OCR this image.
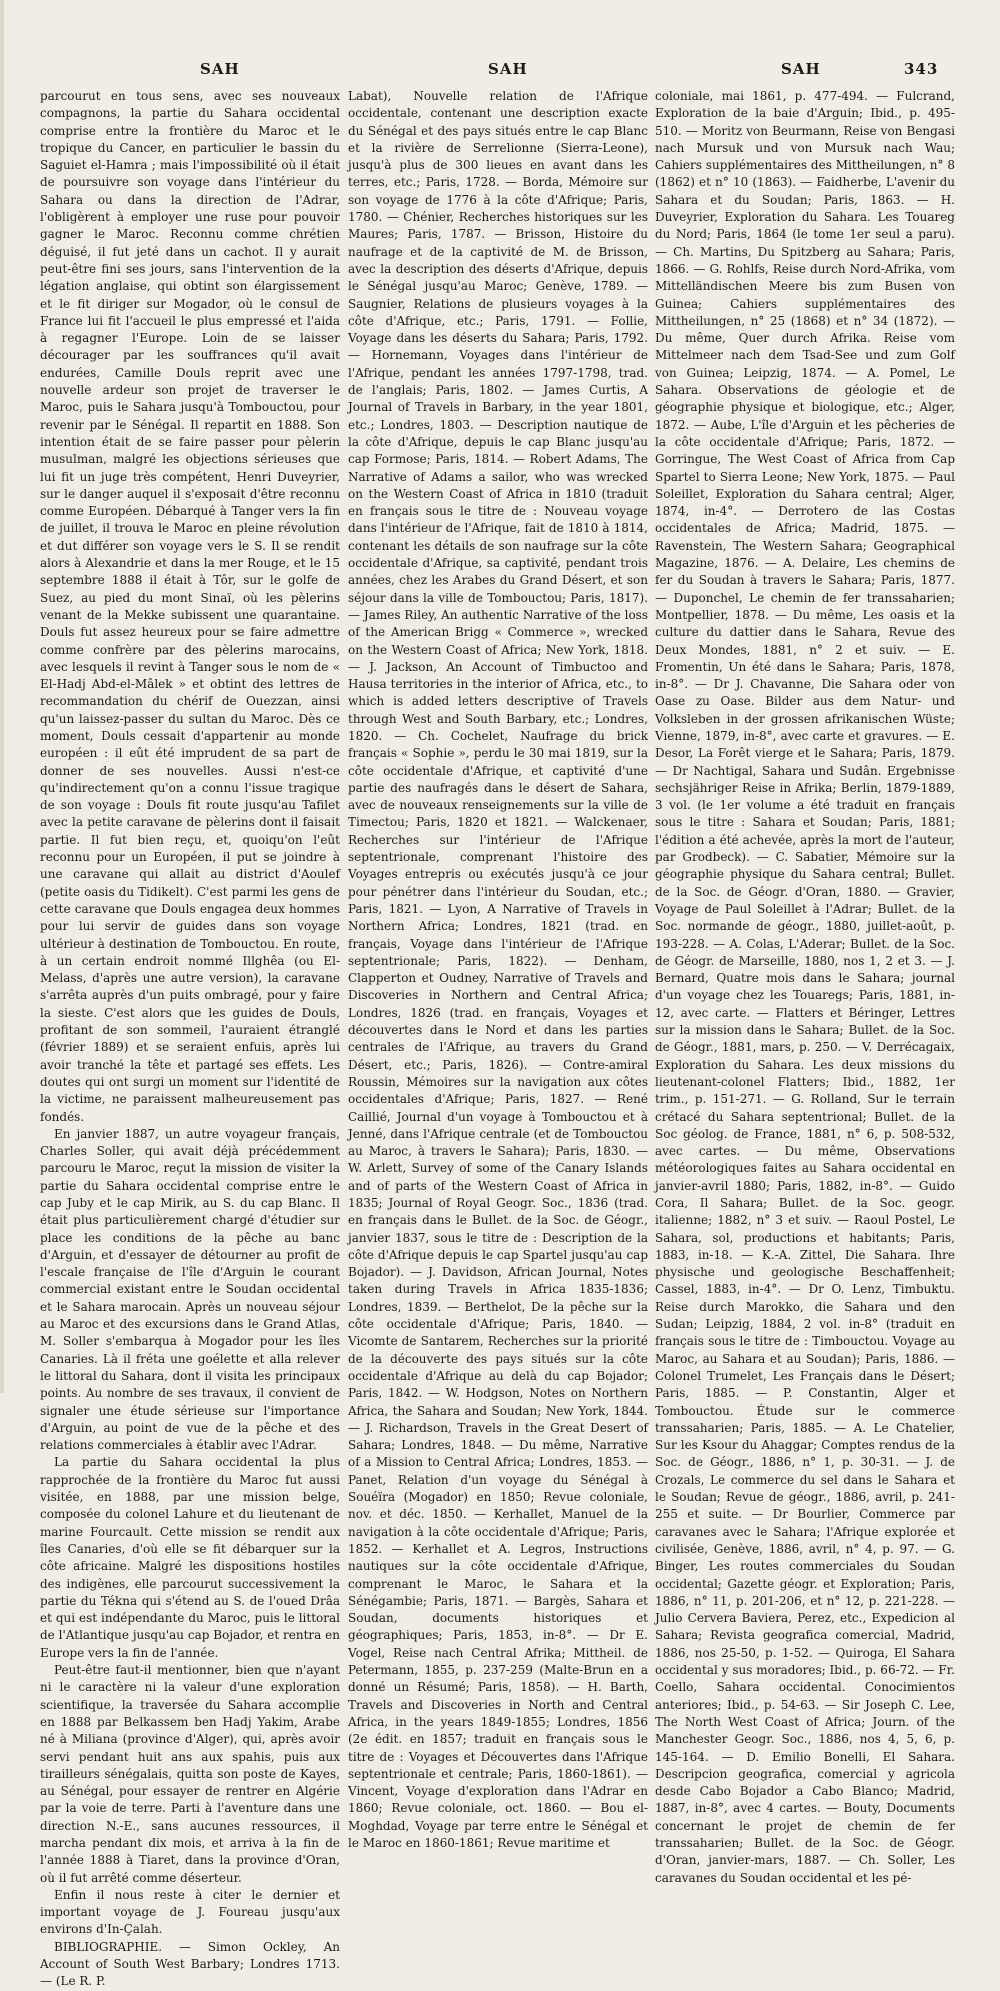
SAH	SAH	SAH	343

parcourut en tous sens, avec ses nouveaux compagnons, la partie du Sahara occidental comprise entre la frontière du Maroc et le tropique du Cancer, en particulier le bassin du Saguiet el-Hamra ; mais l'impossibilité où il était de poursuivre son voyage dans l'intérieur du Sahara ou dans la direction de l'Adrar, l'obligèrent à employer une ruse pour pouvoir gagner le Maroc. Reconnu comme chrétien déguisé, il fut jeté dans un cachot. Il y aurait peut-être fini ses jours, sans l'intervention de la légation anglaise, qui obtint son élargissement et le fit diriger sur Mogador, où le consul de France lui fit l'accueil le plus empressé et l'aida à regagner l'Europe. Loin de se laisser décourager par les souffrances qu'il avait endurées, Camille Douls reprit avec une nouvelle ardeur son projet de traverser le Maroc, puis le Sahara jusqu'à Tombouctou, pour revenir par le Sénégal. Il repartit en 1888. Son intention était de se faire passer pour pèlerin musulman, malgré les objections sérieuses que lui fit un juge très compétent, Henri Duveyrier, sur le danger auquel il s'exposait d'être reconnu comme Européen. Débarqué à Tanger vers la fin de juillet, il trouva le Maroc en pleine révolution et dut différer son voyage vers le S. Il se rendit alors à Alexandrie et dans la mer Rouge, et le 15 septembre 1888 il était à Tôr, sur le golfe de Suez, au pied du mont Sinaï, où les pèlerins venant de la Mekke subissent une quarantaine. Douls fut assez heureux pour se faire admettre comme confrère par des pèlerins marocains, avec lesquels il revint à Tanger sous le nom de « El-Hadj Abd-el-Mâlek » et obtint des lettres de recommandation du chérif de Ouezzan, ainsi qu'un laissez-passer du sultan du Maroc. Dès ce moment, Douls cessait d'appartenir au monde européen : il eût été imprudent de sa part de donner de ses nouvelles. Aussi n'est-ce qu'indirectement qu'on a connu l'issue tragique de son voyage : Douls fit route jusqu'au Tafilet avec la petite caravane de pèlerins dont il faisait partie. Il fut bien reçu, et, quoiqu'on l'eût reconnu pour un Européen, il put se joindre à une caravane qui allait au district d'Aoulef (petite oasis du Tidikelt). C'est parmi les gens de cette caravane que Douls engagea deux hommes pour lui servir de guides dans son voyage ultérieur à destination de Tombouctou. En route, à un certain endroit nommé Illghêa (ou El-Melass, d'après une autre version), la caravane s'arrêta auprès d'un puits ombragé, pour y faire la sieste. C'est alors que les guides de Douls, profitant de son sommeil, l'auraient étranglé (février 1889) et se seraient enfuis, après lui avoir tranché la tête et partagé ses effets. Les doutes qui ont surgi un moment sur l'identité de la victime, ne paraissent malheureusement pas fondés.
En janvier 1887, un autre voyageur français, Charles Soller, qui avait déjà précédemment parcouru le Maroc, reçut la mission de visiter la partie du Sahara occidental comprise entre le cap Juby et le cap Mirik, au S. du cap Blanc. Il était plus particulièrement chargé d'étudier sur place les conditions de la pêche au banc d'Arguin, et d'essayer de détourner au profit de l'escale française de l'île d'Arguin le courant commercial existant entre le Soudan occidental et le Sahara marocain. Après un nouveau séjour au Maroc et des excursions dans le Grand Atlas, M. Soller s'embarqua à Mogador pour les îles Canaries. Là il fréta une goélette et alla relever le littoral du Sahara, dont il visita les principaux points. Au nombre de ses travaux, il convient de signaler une étude sérieuse sur l'importance d'Arguin, au point de vue de la pêche et des relations commerciales à établir avec l'Adrar.
La partie du Sahara occidental la plus rapprochée de la frontière du Maroc fut aussi visitée, en 1888, par une mission belge, composée du colonel Lahure et du lieutenant de marine Fourcault. Cette mission se rendit aux îles Canaries, d'où elle se fit débarquer sur la côte africaine. Malgré les dispositions hostiles des indigènes, elle parcourut successivement la partie du Tékna qui s'étend au S. de l'oued Drâa et qui est indépendante du Maroc, puis le littoral de l'Atlantique jusqu'au cap Bojador, et rentra en Europe vers la fin de l'année.
Peut-être faut-il mentionner, bien que n'ayant ni le caractère ni la valeur d'une exploration scientifique, la traversée du Sahara accomplie en 1888 par Belkassem ben Hadj Yakim, Arabe né à Miliana (province d'Alger), qui, après avoir servi pendant huit ans aux spahis, puis aux tirailleurs sénégalais, quitta son poste de Kayes, au Sénégal, pour essayer de rentrer en Algérie par la voie de terre. Parti à l'aventure dans une direction N.-E., sans aucunes ressources, il marcha pendant dix mois, et arriva à la fin de l'année 1888 à Tiaret, dans la province d'Oran, où il fut arrêté comme déserteur.
Enfin il nous reste à citer le dernier et important voyage de J. Foureau jusqu'aux environs d'In-Çalah.
BIBLIOGRAPHIE. — Simon Ockley, An Account of South West Barbary; Londres 1713. — (Le R. P.

Labat), Nouvelle relation de l'Afrique occidentale, contenant une description exacte du Sénégal et des pays situés entre le cap Blanc et la rivière de Serrelionne (Sierra-Leone), jusqu'à plus de 300 lieues en avant dans les terres, etc.; Paris, 1728. — Borda, Mémoire sur son voyage de 1776 à la côte d'Afrique; Paris, 1780. — Chénier, Recherches historiques sur les Maures; Paris, 1787. — Brisson, Histoire du naufrage et de la captivité de M. de Brisson, avec la description des déserts d'Afrique, depuis le Sénégal jusqu'au Maroc; Genève, 1789. — Saugnier, Relations de plusieurs voyages à la côte d'Afrique, etc.; Paris, 1791. — Follie, Voyage dans les déserts du Sahara; Paris, 1792. — Hornemann, Voyages dans l'intérieur de l'Afrique, pendant les années 1797-1798, trad. de l'anglais; Paris, 1802. — James Curtis, A Journal of Travels in Barbary, in the year 1801, etc.; Londres, 1803. — Description nautique de la côte d'Afrique, depuis le cap Blanc jusqu'au cap Formose; Paris, 1814. — Robert Adams, The Narrative of Adams a sailor, who was wrecked on the Western Coast of Africa in 1810 (traduit en français sous le titre de : Nouveau voyage dans l'intérieur de l'Afrique, fait de 1810 à 1814, contenant les détails de son naufrage sur la côte occidentale d'Afrique, sa captivité, pendant trois années, chez les Arabes du Grand Désert, et son séjour dans la ville de Tombouctou; Paris, 1817). — James Riley, An authentic Narrative of the loss of the American Brigg « Commerce », wrecked on the Western Coast of Africa; New York, 1818. — J. Jackson, An Account of Timbuctoo and Hausa territories in the interior of Africa, etc., to which is added letters descriptive of Travels through West and South Barbary, etc.; Londres, 1820. — Ch. Cochelet, Naufrage du brick français « Sophie », perdu le 30 mai 1819, sur la côte occidentale d'Afrique, et captivité d'une partie des naufragés dans le désert de Sahara, avec de nouveaux renseignements sur la ville de Timectou; Paris, 1820 et 1821. — Walckenaer, Recherches sur l'intérieur de l'Afrique septentrionale, comprenant l'histoire des Voyages entrepris ou exécutés jusqu'à ce jour pour pénétrer dans l'intérieur du Soudan, etc.; Paris, 1821. — Lyon, A Narrative of Travels in Northern Africa; Londres, 1821 (trad. en français, Voyage dans l'intérieur de l'Afrique septentrionale; Paris, 1822). — Denham, Clapperton et Oudney, Narrative of Travels and Discoveries in Northern and Central Africa; Londres, 1826 (trad. en français, Voyages et découvertes dans le Nord et dans les parties centrales de l'Afrique, au travers du Grand Désert, etc.; Paris, 1826). — Contre-amiral Roussin, Mémoires sur la navigation aux côtes occidentales d'Afrique; Paris, 1827. — René Caillié, Journal d'un voyage à Tombouctou et à Jenné, dans l'Afrique centrale (et de Tombouctou au Maroc, à travers le Sahara); Paris, 1830. — W. Arlett, Survey of some of the Canary Islands and of parts of the Western Coast of Africa in 1835; Journal of Royal Geogr. Soc., 1836 (trad. en français dans le Bullet. de la Soc. de Géogr., janvier 1837, sous le titre de : Description de la côte d'Afrique depuis le cap Spartel jusqu'au cap Bojador). — J. Davidson, African Journal, Notes taken during Travels in Africa 1835-1836; Londres, 1839. — Berthelot, De la pêche sur la côte occidentale d'Afrique; Paris, 1840. — Vicomte de Santarem, Recherches sur la priorité de la découverte des pays situés sur la côte occidentale d'Afrique au delà du cap Bojador; Paris, 1842. — W. Hodgson, Notes on Northern Africa, the Sahara and Soudan; New York, 1844. — J. Richardson, Travels in the Great Desert of Sahara; Londres, 1848. — Du même, Narrative of a Mission to Central Africa; Londres, 1853. — Panet, Relation d'un voyage du Sénégal à Souéïra (Mogador) en 1850; Revue coloniale, nov. et déc. 1850. — Kerhallet, Manuel de la navigation à la côte occidentale d'Afrique; Paris, 1852. — Kerhallet et A. Legros, Instructions nautiques sur la côte occidentale d'Afrique, comprenant le Maroc, le Sahara et la Sénégambie; Paris, 1871. — Bargès, Sahara et Soudan, documents historiques et géographiques; Paris, 1853, in-8°. — Dr E. Vogel, Reise nach Central Afrika; Mittheil. de Petermann, 1855, p. 237-259 (Malte-Brun en a donné un Résumé; Paris, 1858). — H. Barth, Travels and Discoveries in North and Central Africa, in the years 1849-1855; Londres, 1856 (2e édit. en 1857; traduit en français sous le titre de : Voyages et Découvertes dans l'Afrique septentrionale et centrale; Paris, 1860-1861). — Vincent, Voyage d'exploration dans l'Adrar en 1860; Revue coloniale, oct. 1860. — Bou el-Moghdad, Voyage par terre entre le Sénégal et le Maroc en 1860-1861; Revue maritime et

coloniale, mai 1861, p. 477-494. — Fulcrand, Exploration de la baie d'Arguin; Ibid., p. 495-510. — Moritz von Beurmann, Reise von Bengasi nach Mursuk und von Mursuk nach Wau; Cahiers supplémentaires des Mittheilungen, n° 8 (1862) et n° 10 (1863). — Faidherbe, L'avenir du Sahara et du Soudan; Paris, 1863. — H. Duveyrier, Exploration du Sahara. Les Touareg du Nord; Paris, 1864 (le tome 1er seul a paru). — Ch. Martins, Du Spitzberg au Sahara; Paris, 1866. — G. Rohlfs, Reise durch Nord-Afrika, vom Mittelländischen Meere bis zum Busen von Guinea; Cahiers supplémentaires des Mittheilungen, n° 25 (1868) et n° 34 (1872). — Du même, Quer durch Afrika. Reise vom Mittelmeer nach dem Tsad-See und zum Golf von Guinea; Leipzig, 1874. — A. Pomel, Le Sahara. Observations de géologie et de géographie physique et biologique, etc.; Alger, 1872. — Aube, L'île d'Arguin et les pêcheries de la côte occidentale d'Afrique; Paris, 1872. — Gorringue, The West Coast of Africa from Cap Spartel to Sierra Leone; New York, 1875. — Paul Soleillet, Exploration du Sahara central; Alger, 1874, in-4°. — Derrotero de las Costas occidentales de Africa; Madrid, 1875. — Ravenstein, The Western Sahara; Geographical Magazine, 1876. — A. Delaire, Les chemins de fer du Soudan à travers le Sahara; Paris, 1877. — Duponchel, Le chemin de fer transsaharien; Montpellier, 1878. — Du même, Les oasis et la culture du dattier dans le Sahara, Revue des Deux Mondes, 1881, n° 2 et suiv. — E. Fromentin, Un été dans le Sahara; Paris, 1878, in-8°. — Dr J. Chavanne, Die Sahara oder von Oase zu Oase. Bilder aus dem Natur- und Volksleben in der grossen afrikanischen Wüste; Vienne, 1879, in-8°, avec carte et gravures. — E. Desor, La Forêt vierge et le Sahara; Paris, 1879. — Dr Nachtigal, Sahara und Sudân. Ergebnisse sechsjähriger Reise in Afrika; Berlin, 1879-1889, 3 vol. (le 1er volume a été traduit en français sous le titre : Sahara et Soudan; Paris, 1881; l'édition a été achevée, après la mort de l'auteur, par Grodbeck). — C. Sabatier, Mémoire sur la géographie physique du Sahara central; Bullet. de la Soc. de Géogr. d'Oran, 1880. — Gravier, Voyage de Paul Soleillet à l'Adrar; Bullet. de la Soc. normande de géogr., 1880, juillet-août, p. 193-228. — A. Colas, L'Aderar; Bullet. de la Soc. de Géogr. de Marseille, 1880, nos 1, 2 et 3. — J. Bernard, Quatre mois dans le Sahara; journal d'un voyage chez les Touaregs; Paris, 1881, in-12, avec carte. — Flatters et Béringer, Lettres sur la mission dans le Sahara; Bullet. de la Soc. de Géogr., 1881, mars, p. 250. — V. Derrécagaix, Exploration du Sahara. Les deux missions du lieutenant-colonel Flatters; Ibid., 1882, 1er trim., p. 151-271. — G. Rolland, Sur le terrain crétacé du Sahara septentrional; Bullet. de la Soc géolog. de France, 1881, n° 6, p. 508-532, avec cartes. — Du même, Observations météorologiques faites au Sahara occidental en janvier-avril 1880; Paris, 1882, in-8°. — Guido Cora, Il Sahara; Bullet. de la Soc. geogr. italienne; 1882, n° 3 et suiv. — Raoul Postel, Le Sahara, sol, productions et habitants; Paris, 1883, in-18. — K.-A. Zittel, Die Sahara. Ihre physische und geologische Beschaffenheit; Cassel, 1883, in-4°. — Dr O. Lenz, Timbuktu. Reise durch Marokko, die Sahara und den Sudan; Leipzig, 1884, 2 vol. in-8° (traduit en français sous le titre de : Timbouctou. Voyage au Maroc, au Sahara et au Soudan); Paris, 1886. — Colonel Trumelet, Les Français dans le Désert; Paris, 1885. — P. Constantin, Alger et Tombouctou. Étude sur le commerce transsaharien; Paris, 1885. — A. Le Chatelier, Sur les Ksour du Ahaggar; Comptes rendus de la Soc. de Géogr., 1886, n° 1, p. 30-31. — J. de Crozals, Le commerce du sel dans le Sahara et le Soudan; Revue de géogr., 1886, avril, p. 241-255 et suite. — Dr Bourlier, Commerce par caravanes avec le Sahara; l'Afrique explorée et civilisée, Genève, 1886, avril, n° 4, p. 97. — G. Binger, Les routes commerciales du Soudan occidental; Gazette géogr. et Exploration; Paris, 1886, n° 11, p. 201-206, et n° 12, p. 221-228. — Julio Cervera Baviera, Perez, etc., Expedicion al Sahara; Revista geografica comercial, Madrid, 1886, nos 25-50, p. 1-52. — Quiroga, El Sahara occidental y sus moradores; Ibid., p. 66-72. — Fr. Coello, Sahara occidental. Conocimientos anteriores; Ibid., p. 54-63. — Sir Joseph C. Lee, The North West Coast of Africa; Journ. of the Manchester Geogr. Soc., 1886, nos 4, 5, 6, p. 145-164. — D. Emilio Bonelli, El Sahara. Descripcion geografica, comercial y agricola desde Cabo Bojador a Cabo Blanco; Madrid, 1887, in-8°, avec 4 cartes. — Bouty, Documents concernant le projet de chemin de fer transsaharien; Bullet. de la Soc. de Géogr. d'Oran, janvier-mars, 1887. — Ch. Soller, Les caravanes du Soudan occidental et les pé-
